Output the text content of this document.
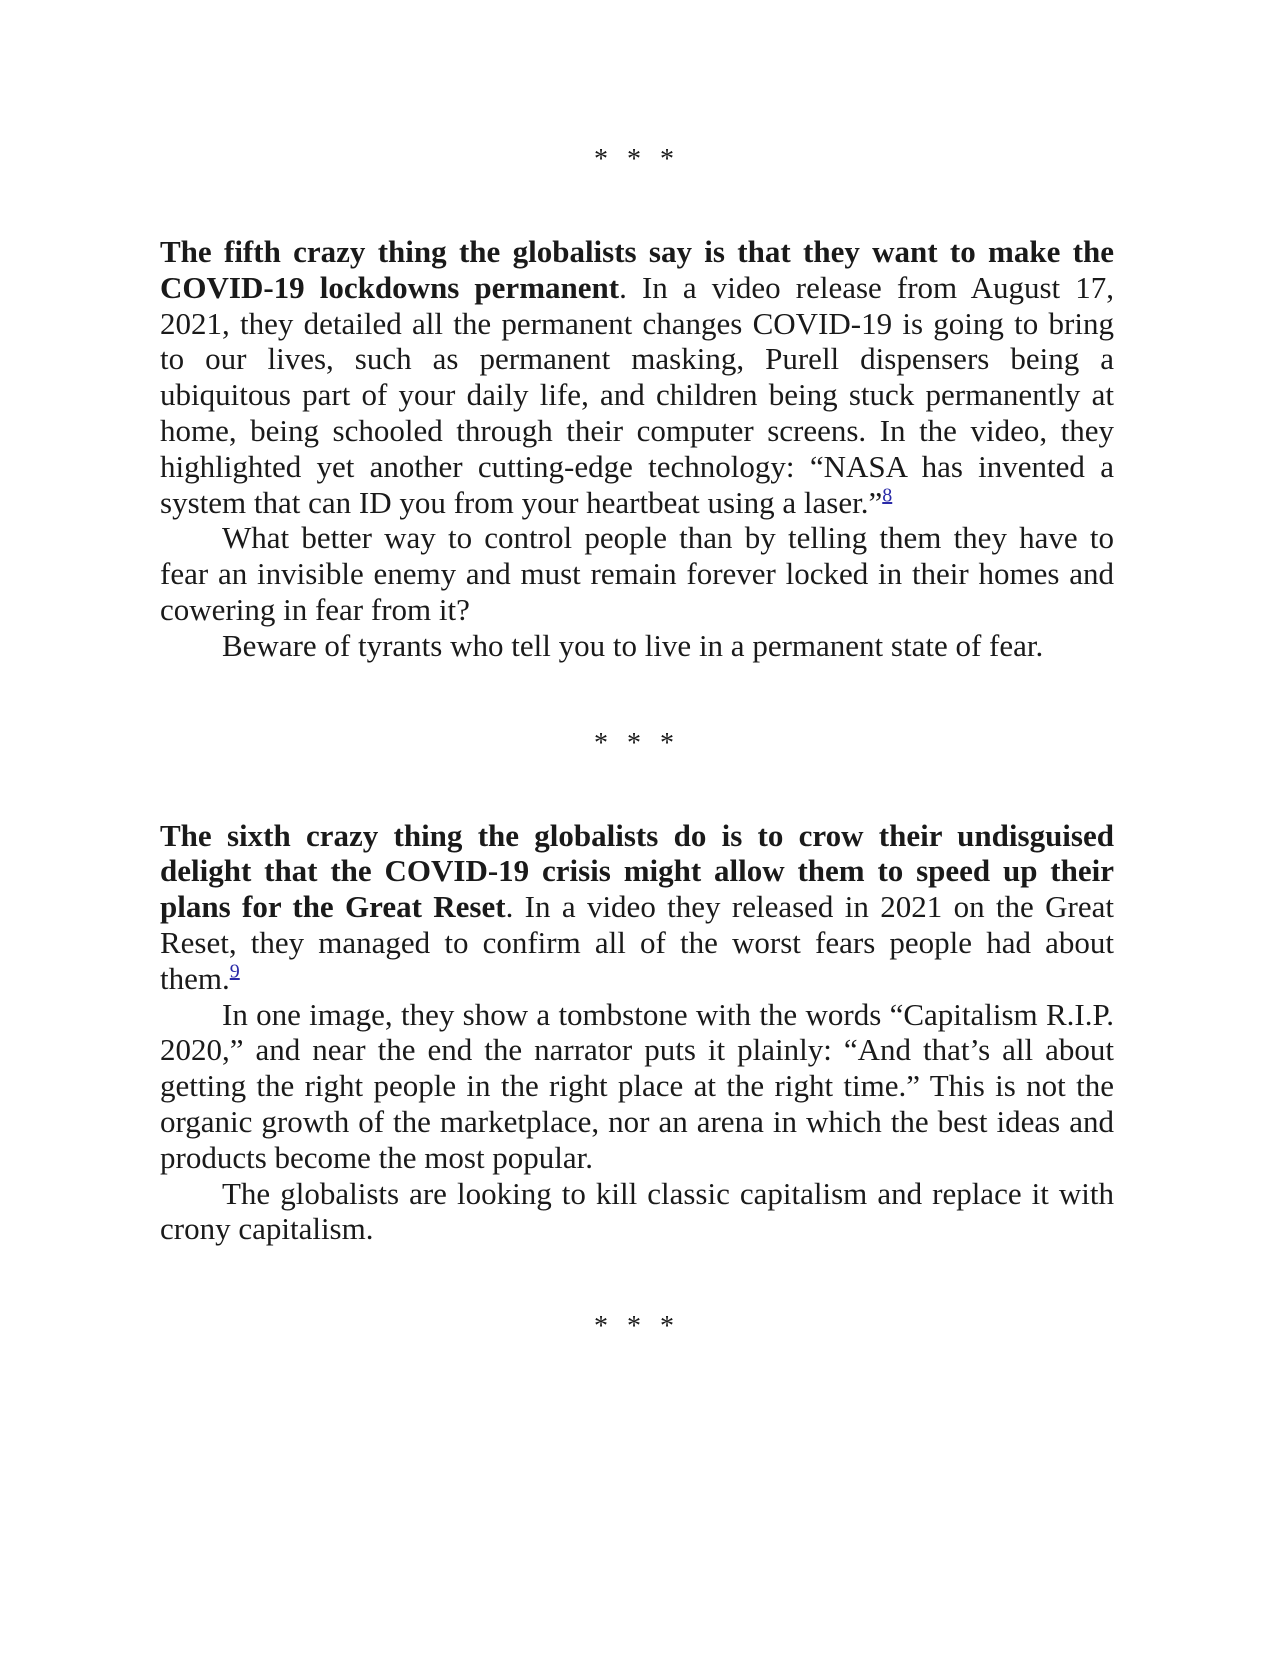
* * *

The fifth crazy thing the globalists say is that they want to make the COVID-19 lockdowns permanent. In a video release from August 17, 2021, they detailed all the permanent changes COVID-19 is going to bring to our lives, such as permanent masking, Purell dispensers being a ubiquitous part of your daily life, and children being stuck permanently at home, being schooled through their computer screens. In the video, they highlighted yet another cutting-edge technology: “NASA has invented a system that can ID you from your heartbeat using a laser.”$^8$

What better way to control people than by telling them they have to fear an invisible enemy and must remain forever locked in their homes and cowering in fear from it?

Beware of tyrants who tell you to live in a permanent state of fear.

* * *

The sixth crazy thing the globalists do is to crow their undisguised delight that the COVID-19 crisis might allow them to speed up their plans for the Great Reset. In a video they released in 2021 on the Great Reset, they managed to confirm all of the worst fears people had about them.$^9$

In one image, they show a tombstone with the words “Capitalism R.I.P. 2020,” and near the end the narrator puts it plainly: “And that’s all about getting the right people in the right place at the right time.” This is not the organic growth of the marketplace, nor an arena in which the best ideas and products become the most popular.

The globalists are looking to kill classic capitalism and replace it with crony capitalism.

* * *
